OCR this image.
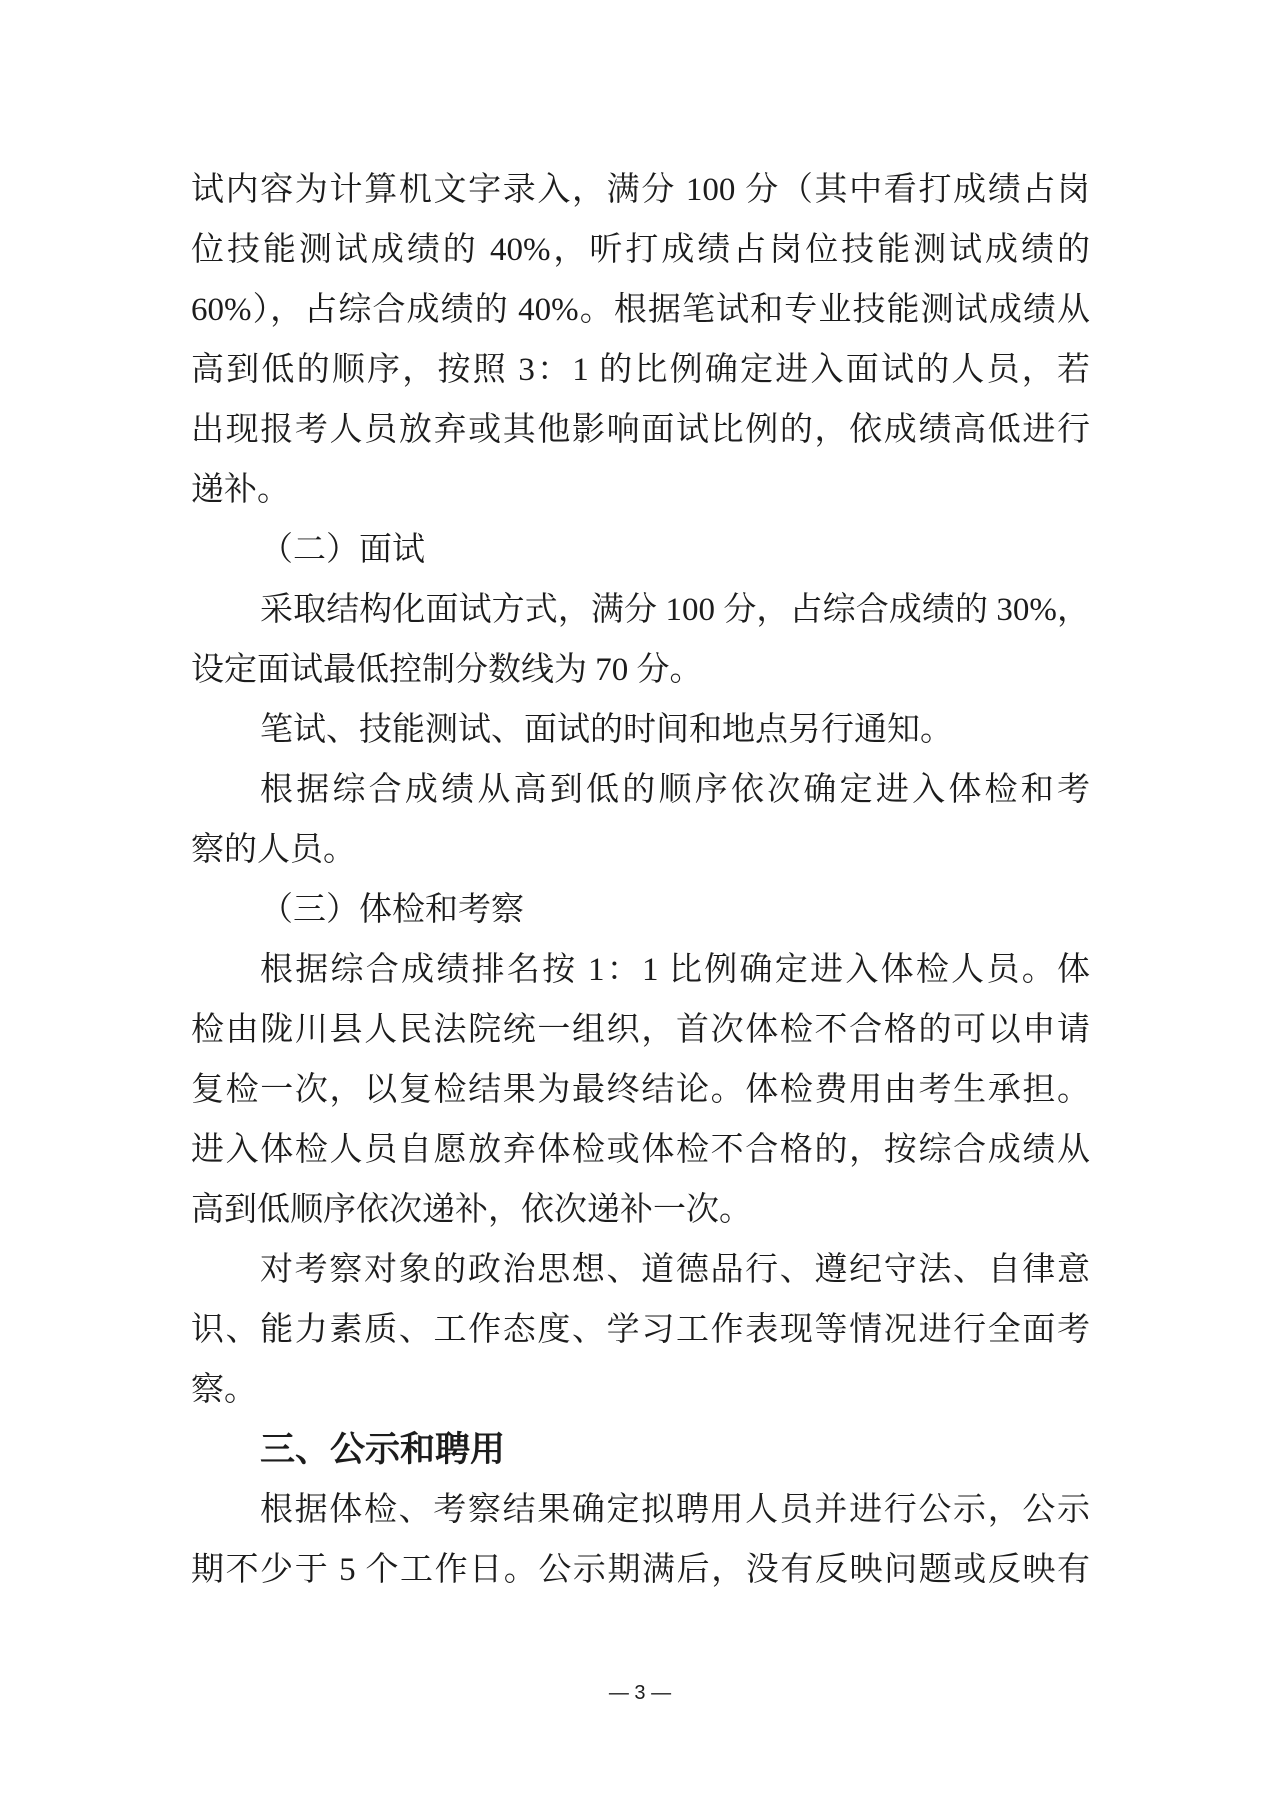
试内容为计算机文字录入，满分 100 分（其中看打成绩占岗
位技能测试成绩的 40%，听打成绩占岗位技能测试成绩的
60%），占综合成绩的 40%。根据笔试和专业技能测试成绩从
高到低的顺序，按照 3：1 的比例确定进入面试的人员，若
出现报考人员放弃或其他影响面试比例的，依成绩高低进行
递补。
（二）面试
采取结构化面试方式，满分 100 分，占综合成绩的 30%，
设定面试最低控制分数线为 70 分。
笔试、技能测试、面试的时间和地点另行通知。
根据综合成绩从高到低的顺序依次确定进入体检和考
察的人员。
（三）体检和考察
根据综合成绩排名按 1：1 比例确定进入体检人员。体
检由陇川县人民法院统一组织，首次体检不合格的可以申请
复检一次，以复检结果为最终结论。体检费用由考生承担。
进入体检人员自愿放弃体检或体检不合格的，按综合成绩从
高到低顺序依次递补，依次递补一次。
对考察对象的政治思想、道德品行、遵纪守法、自律意
识、能力素质、工作态度、学习工作表现等情况进行全面考
察。
三、公示和聘用
根据体检、考察结果确定拟聘用人员并进行公示，公示
期不少于 5 个工作日。公示期满后，没有反映问题或反映有
— 3 —
